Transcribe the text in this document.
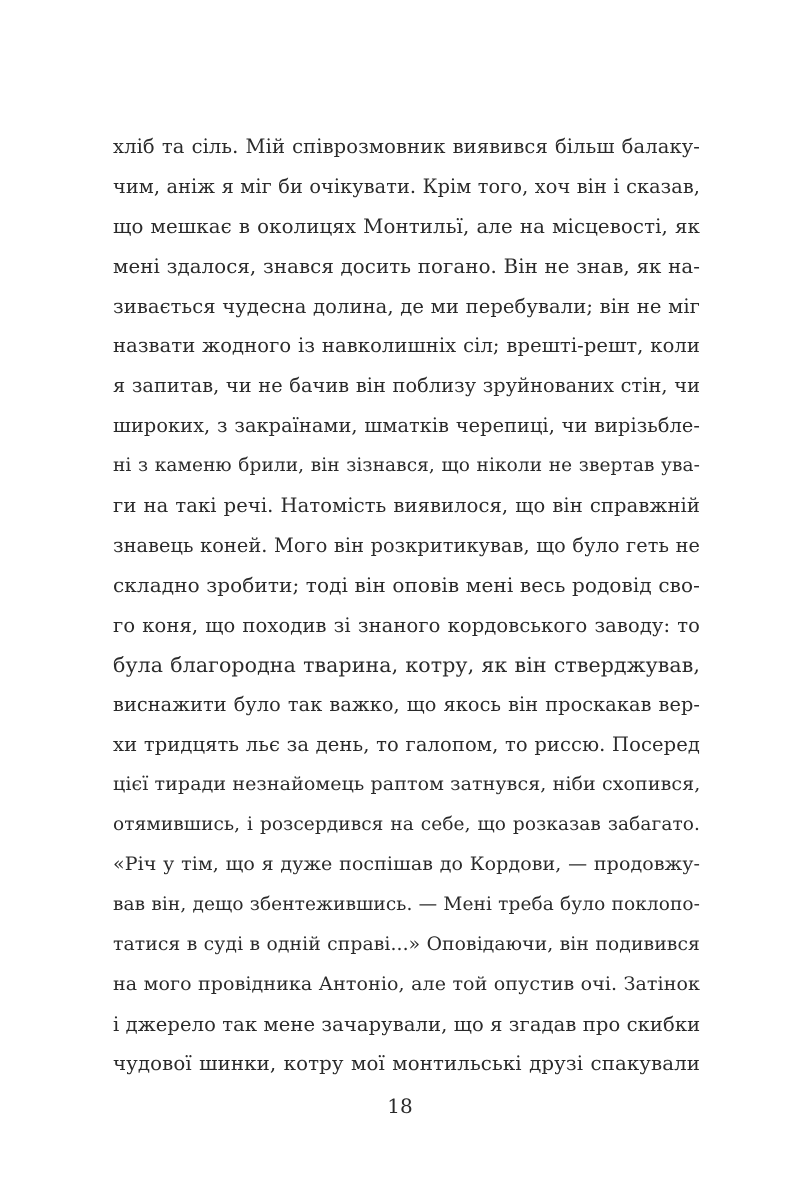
хліб та сіль. Мій співрозмовник виявився більш балаку-
чим, аніж я міг би очікувати. Крім того, хоч він і сказав,
що мешкає в околицях Монтильї, але на місцевості, як
мені здалося, знався досить погано. Він не знав, як на-
зивається чудесна долина, де ми перебували; він не міг
назвати жодного із навколишніх сіл; врешті-решт, коли
я запитав, чи не бачив він поблизу зруйнованих стін, чи
широких, з закраїнами, шматків черепиці, чи вирізьбле-
ні з каменю брили, він зізнався, що ніколи не звертав ува-
ги на такі речі. Натомість виявилося, що він справжній
знавець коней. Мого він розкритикував, що було геть не
складно зробити; тоді він оповів мені весь родовід сво-
го коня, що походив зі знаного кордовського заводу: то
була благородна тварина, котру, як він стверджував,
виснажити було так важко, що якось він проскакав вер-
хи тридцять льє за день, то галопом, то риссю. Посеред
цієї тиради незнайомець раптом затнувся, ніби схопився,
отямившись, і розсердився на себе, що розказав забагато.
«Річ у тім, що я дуже поспішав до Кордови, — продовжу-
вав він, дещо збентежившись. — Мені треба було поклопо-
татися в суді в одній справі...» Оповідаючи, він подивився
на мого провідника Антоніо, але той опустив очі. Затінок
і джерело так мене зачарували, що я згадав про скибки
чудової шинки, котру мої монтильські друзі спакували
18
